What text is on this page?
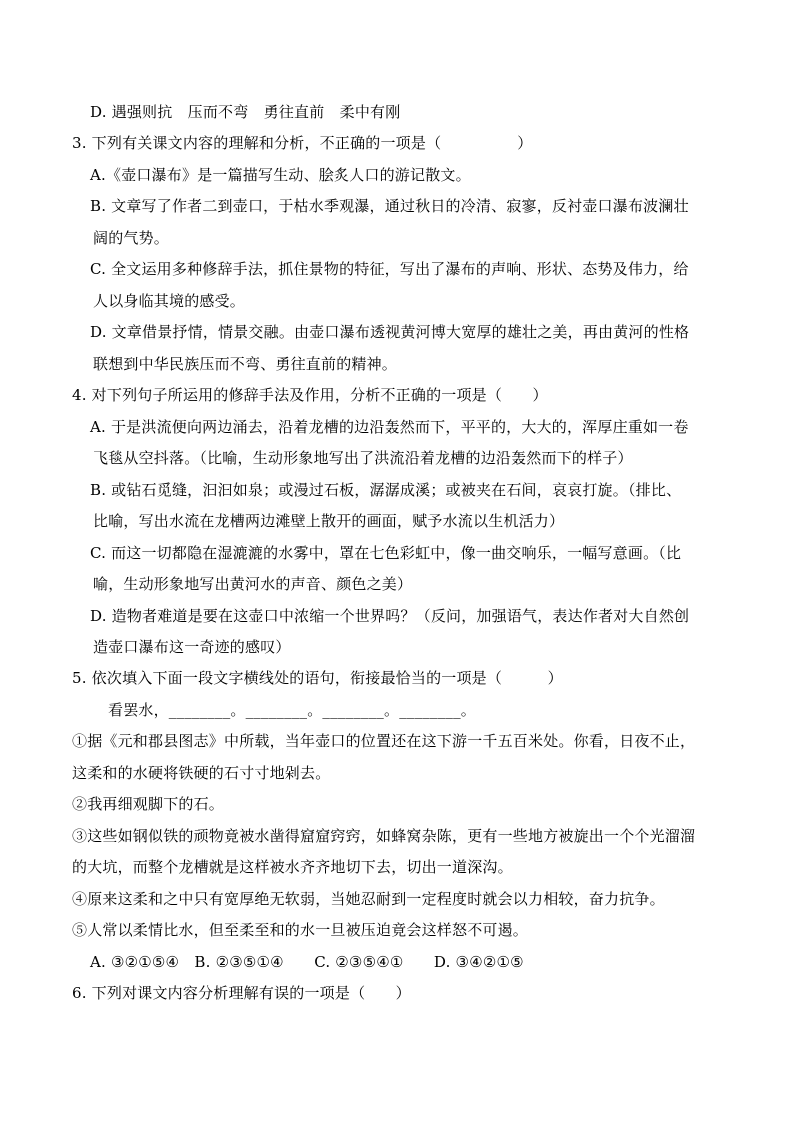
D. 遇强则抗　压而不弯　勇往直前　柔中有刚
3. 下列有关课文内容的理解和分析，不正确的一项是（　　　　　）
A.《壶口瀑布》是一篇描写生动、脍炙人口的游记散文。
B. 文章写了作者二到壶口，于枯水季观瀑，通过秋日的冷清、寂寥，反衬壶口瀑布波澜壮
阔的气势。
C. 全文运用多种修辞手法，抓住景物的特征，写出了瀑布的声响、形状、态势及伟力，给
人以身临其境的感受。
D. 文章借景抒情，情景交融。由壶口瀑布透视黄河博大宽厚的雄壮之美，再由黄河的性格
联想到中华民族压而不弯、勇往直前的精神。
4. 对下列句子所运用的修辞手法及作用，分析不正确的一项是（　　）
A. 于是洪流便向两边涌去，沿着龙槽的边沿轰然而下，平平的，大大的，浑厚庄重如一卷
飞毯从空抖落。（比喻，生动形象地写出了洪流沿着龙槽的边沿轰然而下的样子）
B. 或钻石觅缝，汩汩如泉；或漫过石板，潺潺成溪；或被夹在石间，哀哀打旋。（排比、
比喻，写出水流在龙槽两边滩壁上散开的画面，赋予水流以生机活力）
C. 而这一切都隐在湿漉漉的水雾中，罩在七色彩虹中，像一曲交响乐，一幅写意画。（比
喻，生动形象地写出黄河水的声音、颜色之美）
D. 造物者难道是要在这壶口中浓缩一个世界吗？（反问，加强语气，表达作者对大自然创
造壶口瀑布这一奇迹的感叹）
5. 依次填入下面一段文字横线处的语句，衔接最恰当的一项是（　　　）
看罢水，________。________。________。________。
①据《元和郡县图志》中所载，当年壶口的位置还在这下游一千五百米处。你看，日夜不止，
这柔和的水硬将铁硬的石寸寸地剁去。
②我再细观脚下的石。
③这些如钢似铁的顽物竟被水凿得窟窟窍窍，如蜂窝杂陈，更有一些地方被旋出一个个光溜溜
的大坑，而整个龙槽就是这样被水齐齐地切下去，切出一道深沟。
④原来这柔和之中只有宽厚绝无软弱，当她忍耐到一定程度时就会以力相较，奋力抗争。
⑤人常以柔情比水，但至柔至和的水一旦被压迫竟会这样怒不可遏。
A. ③②①⑤④　B. ②③⑤①④　　C. ②③⑤④①　　D. ③④②①⑤
6. 下列对课文内容分析理解有误的一项是（　　）
